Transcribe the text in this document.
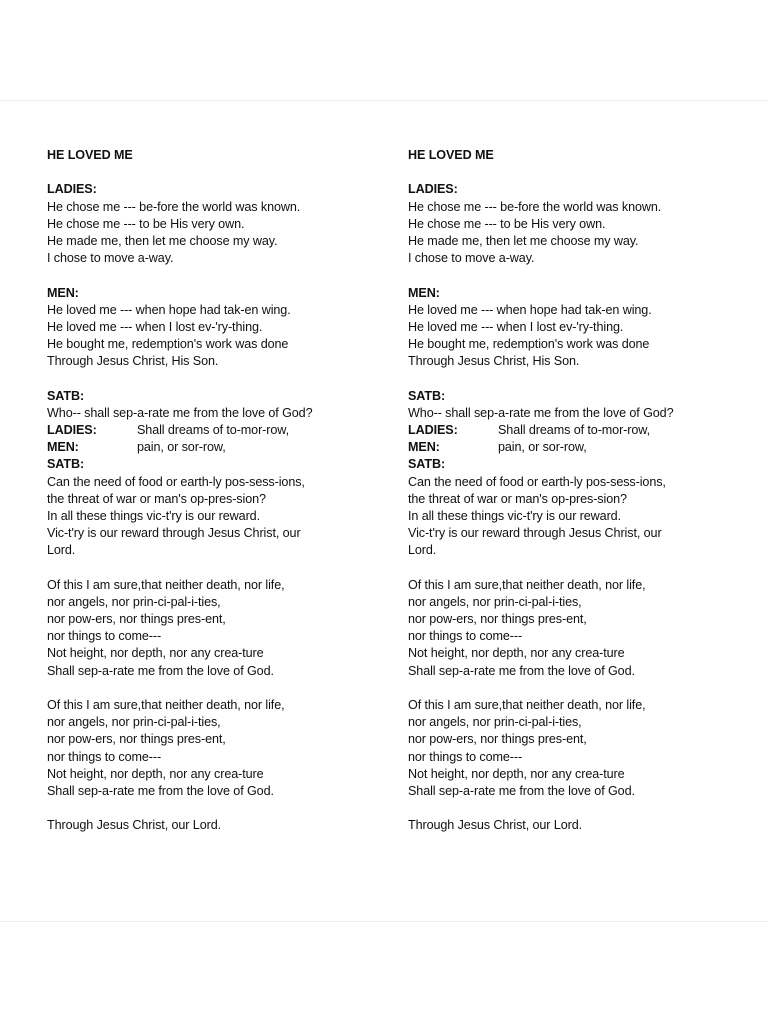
HE LOVED ME
LADIES:
He chose me --- be-fore the world was known.
He chose me --- to be His very own.
He made me, then let me choose my way.
I chose to move a-way.
MEN:
He loved me --- when hope had tak-en wing.
He loved me --- when I lost ev-'ry-thing.
He bought me, redemption's work was done
Through Jesus Christ, His Son.
SATB:
Who-- shall sep-a-rate me from the love of God?
LADIES:	Shall dreams of to-mor-row,
MEN:	pain, or sor-row,
SATB:
Can the need of food or earth-ly pos-sess-ions,
the threat of war or man's op-pres-sion?
In all these things vic-t'ry is our reward.
Vic-t'ry is our reward through Jesus Christ, our
Lord.
Of this I am sure,that neither death, nor life,
nor angels, nor prin-ci-pal-i-ties,
nor pow-ers, nor things pres-ent,
nor things to come---
Not height, nor depth, nor any crea-ture
Shall sep-a-rate me from the love of God.
Of this I am sure,that neither death, nor life,
nor angels, nor prin-ci-pal-i-ties,
nor pow-ers, nor things pres-ent,
nor things to come---
Not height, nor depth, nor any crea-ture
Shall sep-a-rate me from the love of God.
Through Jesus Christ, our Lord.
HE LOVED ME
LADIES:
He chose me --- be-fore the world was known.
He chose me --- to be His very own.
He made me, then let me choose my way.
I chose to move a-way.
MEN:
He loved me --- when hope had tak-en wing.
He loved me --- when I lost ev-'ry-thing.
He bought me, redemption's work was done
Through Jesus Christ, His Son.
SATB:
Who-- shall sep-a-rate me from the love of God?
LADIES:	Shall dreams of to-mor-row,
MEN:	pain, or sor-row,
SATB:
Can the need of food or earth-ly pos-sess-ions,
the threat of war or man's op-pres-sion?
In all these things vic-t'ry is our reward.
Vic-t'ry is our reward through Jesus Christ, our
Lord.
Of this I am sure,that neither death, nor life,
nor angels, nor prin-ci-pal-i-ties,
nor pow-ers, nor things pres-ent,
nor things to come---
Not height, nor depth, nor any crea-ture
Shall sep-a-rate me from the love of God.
Of this I am sure,that neither death, nor life,
nor angels, nor prin-ci-pal-i-ties,
nor pow-ers, nor things pres-ent,
nor things to come---
Not height, nor depth, nor any crea-ture
Shall sep-a-rate me from the love of God.
Through Jesus Christ, our Lord.
